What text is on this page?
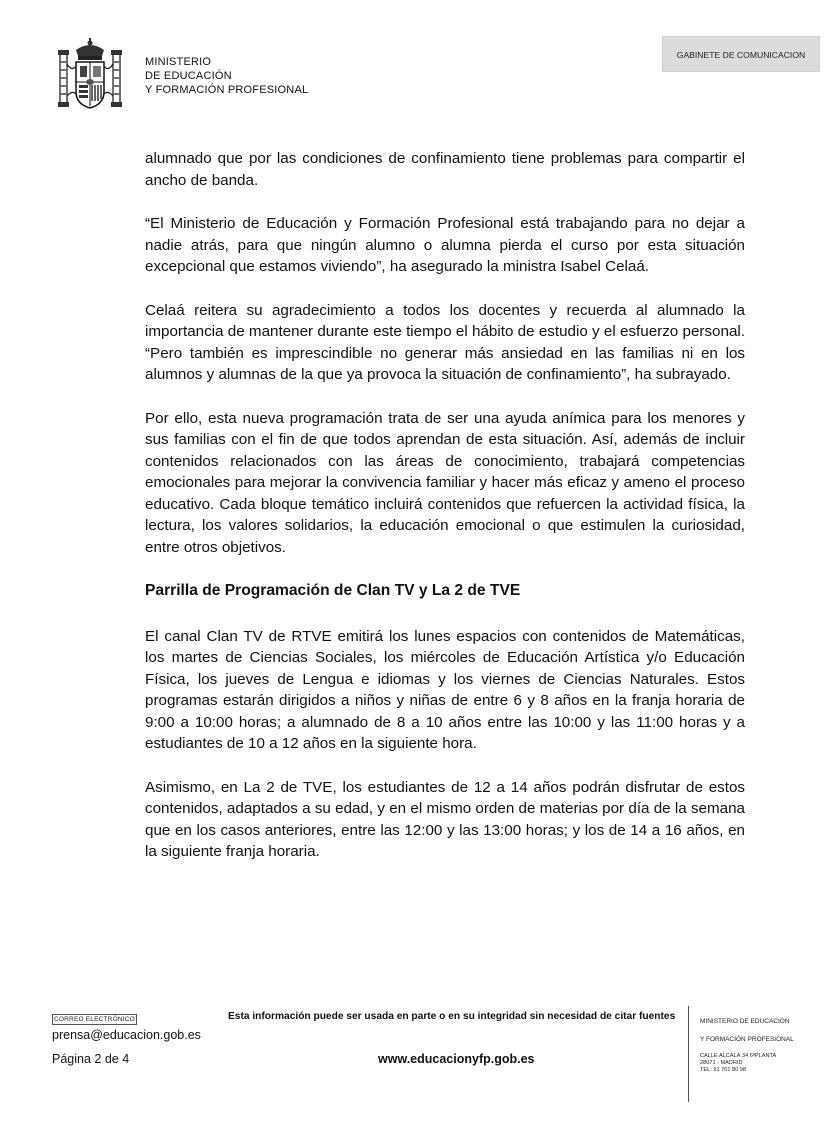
MINISTERIO
DE EDUCACIÓN
Y FORMACIÓN PROFESIONAL
GABINETE DE COMUNICACION

alumnado que por las condiciones de confinamiento tiene problemas para compartir el ancho de banda.

“El Ministerio de Educación y Formación Profesional está trabajando para no dejar a nadie atrás, para que ningún alumno o alumna pierda el curso por esta situación excepcional que estamos viviendo”, ha asegurado la ministra Isabel Celaá.

Celaá reitera su agradecimiento a todos los docentes y recuerda al alumnado la importancia de mantener durante este tiempo el hábito de estudio y el esfuerzo personal. “Pero también es imprescindible no generar más ansiedad en las familias ni en los alumnos y alumnas de la que ya provoca la situación de confinamiento”, ha subrayado.

Por ello, esta nueva programación trata de ser una ayuda anímica para los menores y sus familias con el fin de que todos aprendan de esta situación. Así, además de incluir contenidos relacionados con las áreas de conocimiento, trabajará competencias emocionales para mejorar la convivencia familiar y hacer más eficaz y ameno el proceso educativo. Cada bloque temático incluirá contenidos que refuercen la actividad física, la lectura, los valores solidarios, la educación emocional o que estimulen la curiosidad, entre otros objetivos.

Parrilla de Programación de Clan TV y La 2 de TVE

El canal Clan TV de RTVE emitirá los lunes espacios con contenidos de Matemáticas, los martes de Ciencias Sociales, los miércoles de Educación Artística y/o Educación Física, los jueves de Lengua e idiomas y los viernes de Ciencias Naturales. Estos programas estarán dirigidos a niños y niñas de entre 6 y 8 años en la franja horaria de 9:00 a 10:00 horas; a alumnado de 8 a 10 años entre las 10:00 y las 11:00 horas y a estudiantes de 10 a 12 años en la siguiente hora.

Asimismo, en La 2 de TVE, los estudiantes de 12 a 14 años podrán disfrutar de estos contenidos, adaptados a su edad, y en el mismo orden de materias por día de la semana que en los casos anteriores, entre las 12:00 y las 13:00 horas; y los de 14 a 16 años, en la siguiente franja horaria.

CORREO ELECTRÓNICO
prensa@educacion.gob.es
Página 2 de 4
Esta información puede ser usada en parte o en su integridad sin necesidad de citar fuentes
www.educacionyfp.gob.es
MINISTERIO DE EDUCACIÓN
Y FORMACIÓN PROFESIONAL
CALLE ALCALÁ 34 6ªPLANTA
28071 - MADRID
TEL: 91 701 80 98
